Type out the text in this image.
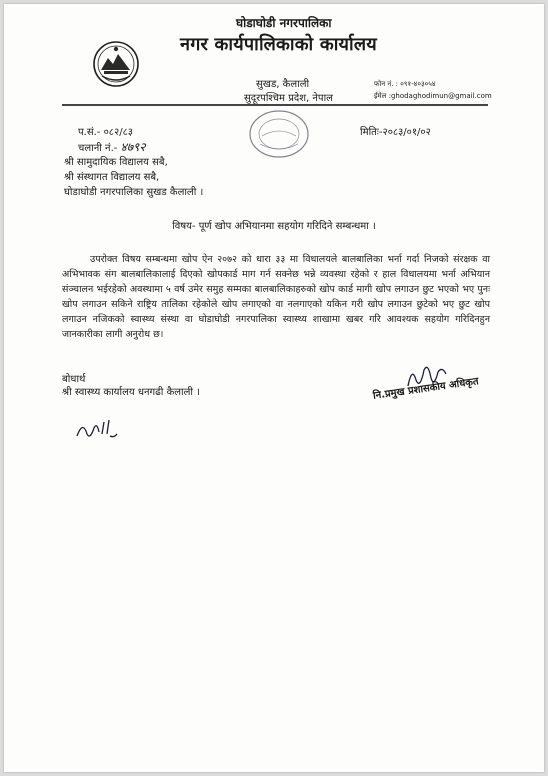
घोडाघोडी नगरपालिका
नगर कार्यपालिकाको कार्यालय
सुखड, कैलाली
सुदूरपश्चिम प्रदेश, नेपाल
फोन नं. : ०९१-४०३०५४
ईमेल :ghodaghodimun@gmail.com
प.सं.- ०८२/८३
चलानी नं.- ४७९२
मितिः-२०८३/०१/०२
श्री सामुदायिक विद्यालय सबै,
श्री संस्थागत विद्यालय सबै,
घोडाघोडी नगरपालिका सुखड कैलाली ।
विषय- पूर्ण खोप अभियानमा सहयोग गरिदिने सम्बन्धमा ।

उपरोक्त विषय सम्बन्धमा खोप ऐन २०७२ को धारा ३३ मा विधालयले बालबालिका भर्ना गर्दा निजको संरक्षक वा अभिभावक संग बालबालिकालाई दिएको खोपकार्ड माग गर्न सक्नेछ भन्ने व्यवस्था रहेको र हाल विधालयमा भर्ना अभियान संञ्चालन भईरहेको अवस्थामा ५ वर्ष उमेर समुह सम्मका बालबालिकाहरुको खोप कार्ड मागी खोप लगाउन छुट भएको भए पुनः खोप लगाउन सकिने राष्ट्रिय तालिका रहेकोले खोप लगाएको वा नलगाएको यकिन गरी खोप लगाउन छुटेको भए छुट खोप लगाउन नजिकको स्वास्थ्य संस्था वा घोडाघोडी नगरपालिका स्वास्थ्य शाखामा खबर गरि आवश्यक सहयोग गरिदिनहुन जानकारीका लागी अनुरोध छ।

बोधार्थ
श्री स्वास्थ्य कार्यालय धनगढी कैलाली ।	नि.प्रमुख प्रशासकीय अधिकृत
